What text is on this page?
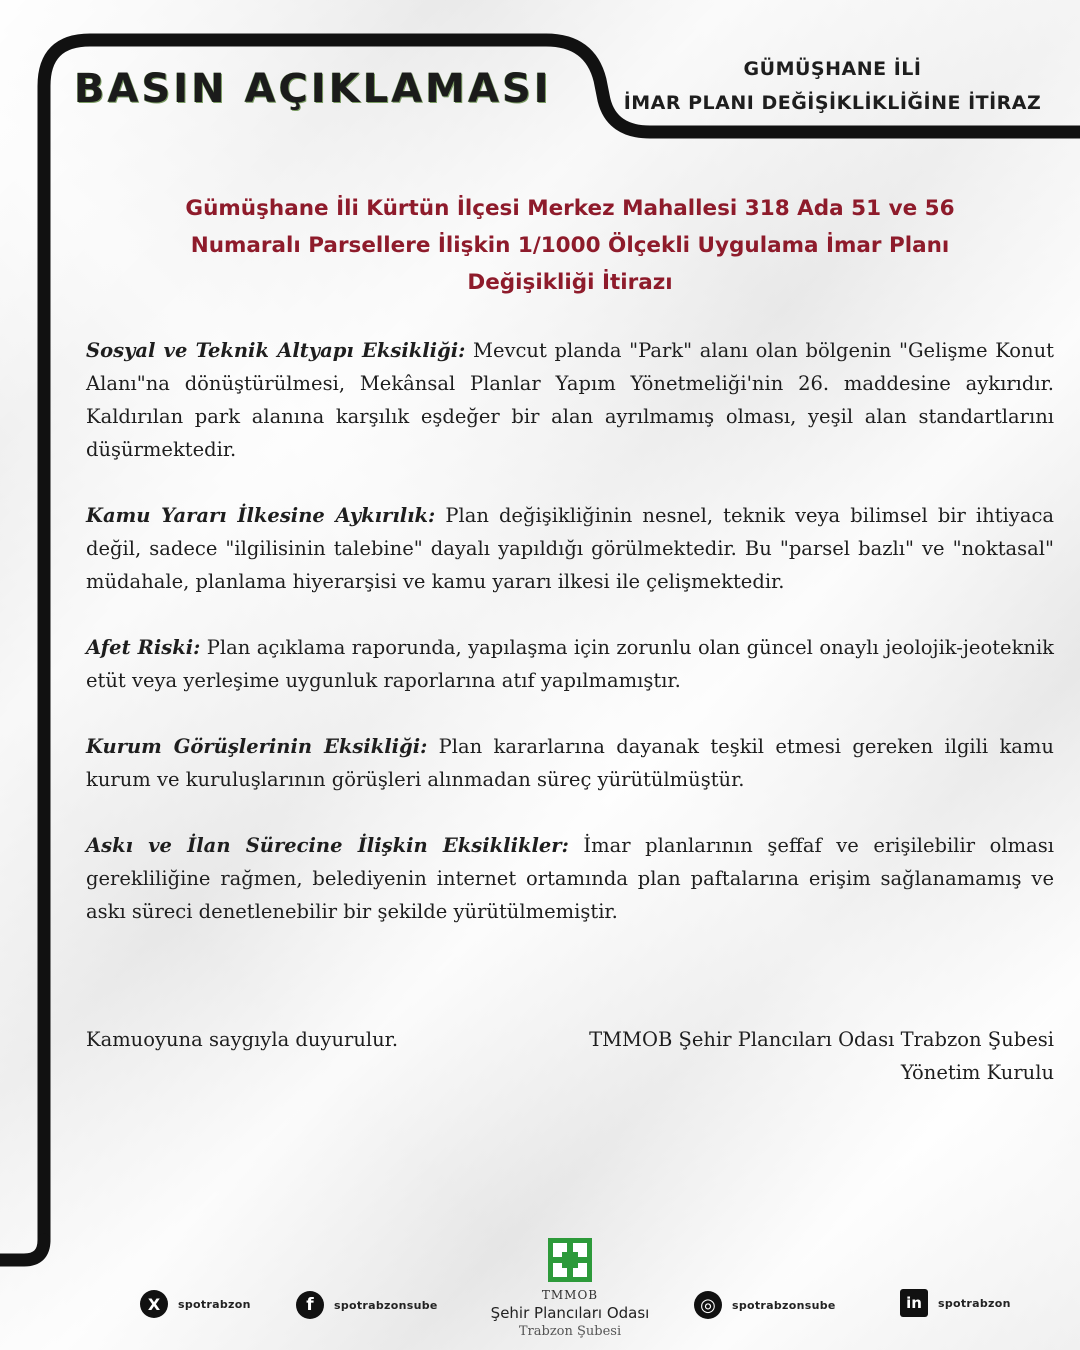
BASIN AÇIKLAMASI	GÜMÜŞHANE İLİ
İMAR PLANI DEĞİŞİKLİKLİĞİNE İTİRAZ
Gümüşhane İli Kürtün İlçesi Merkez Mahallesi 318 Ada 51 ve 56
Numaralı Parsellere İlişkin 1/1000 Ölçekli Uygulama İmar Planı
Değişikliği İtirazı

Sosyal ve Teknik Altyapı Eksikliği: Mevcut planda "Park" alanı olan bölgenin "Gelişme Konut Alanı"na dönüştürülmesi, Mekânsal Planlar Yapım Yönetmeliği'nin 26. maddesine aykırıdır. Kaldırılan park alanına karşılık eşdeğer bir alan ayrılmamış olması, yeşil alan standartlarını düşürmektedir.

Kamu Yararı İlkesine Aykırılık: Plan değişikliğinin nesnel, teknik veya bilimsel bir ihtiyaca değil, sadece "ilgilisinin talebine" dayalı yapıldığı görülmektedir. Bu "parsel bazlı" ve "noktasal" müdahale, planlama hiyerarşisi ve kamu yararı ilkesi ile çelişmektedir.

Afet Riski: Plan açıklama raporunda, yapılaşma için zorunlu olan güncel onaylı jeolojik-jeoteknik etüt veya yerleşime uygunluk raporlarına atıf yapılmamıştır.

Kurum Görüşlerinin Eksikliği: Plan kararlarına dayanak teşkil etmesi gereken ilgili kamu kurum ve kuruluşlarının görüşleri alınmadan süreç yürütülmüştür.

Askı ve İlan Sürecine İlişkin Eksiklikler: İmar planlarının şeffaf ve erişilebilir olması gerekliliğine rağmen, belediyenin internet ortamında plan paftalarına erişim sağlanamamış ve askı süreci denetlenebilir bir şekilde yürütülmemiştir.

Kamuoyuna saygıyla duyurulur.	TMMOB Şehir Plancıları Odası Trabzon Şubesi
Yönetim Kurulu
X	spotrabzon	f	spotrabzonsube
TMMOB
Şehir Plancıları Odası
Trabzon Şubesi
◎	spotrabzonsube	in	spotrabzon
